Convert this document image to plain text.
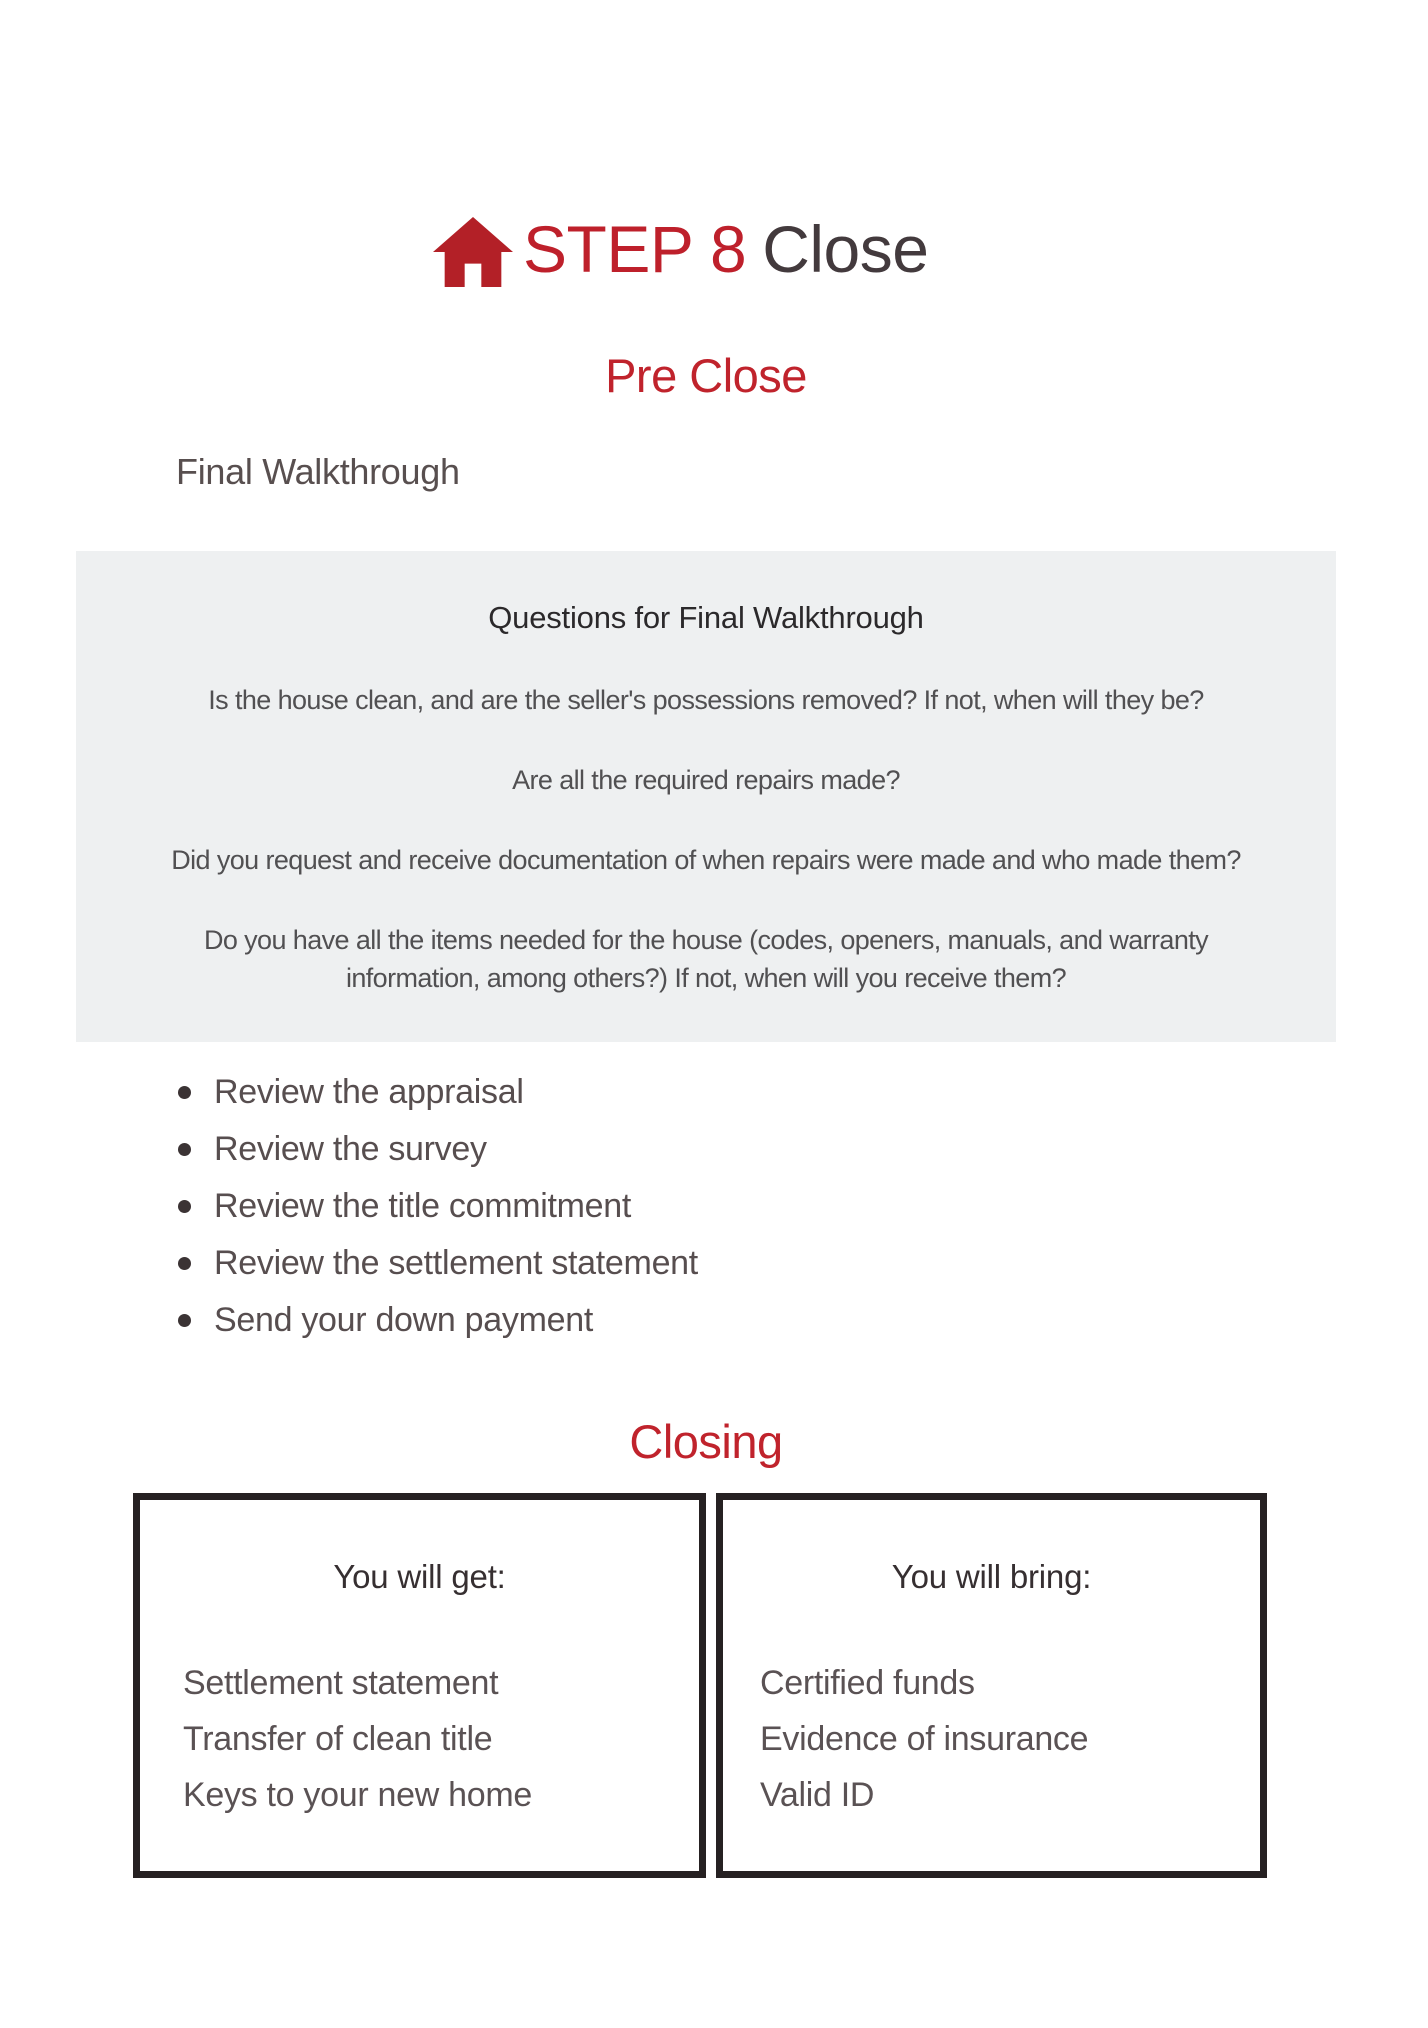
STEP 8 Close
Pre Close
Final Walkthrough
Questions for Final Walkthrough

Is the house clean, and are the seller's possessions removed? If not, when will they be?

Are all the required repairs made?

Did you request and receive documentation of when repairs were made and who made them?

Do you have all the items needed for the house (codes, openers, manuals, and warranty information, among others?) If not, when will you receive them?

Review the appraisal
Review the survey
Review the title commitment
Review the settlement statement
Send your down payment
Closing
You will get:
Settlement statement
Transfer of clean title
Keys to your new home
You will bring:
Certified funds
Evidence of insurance
Valid ID
